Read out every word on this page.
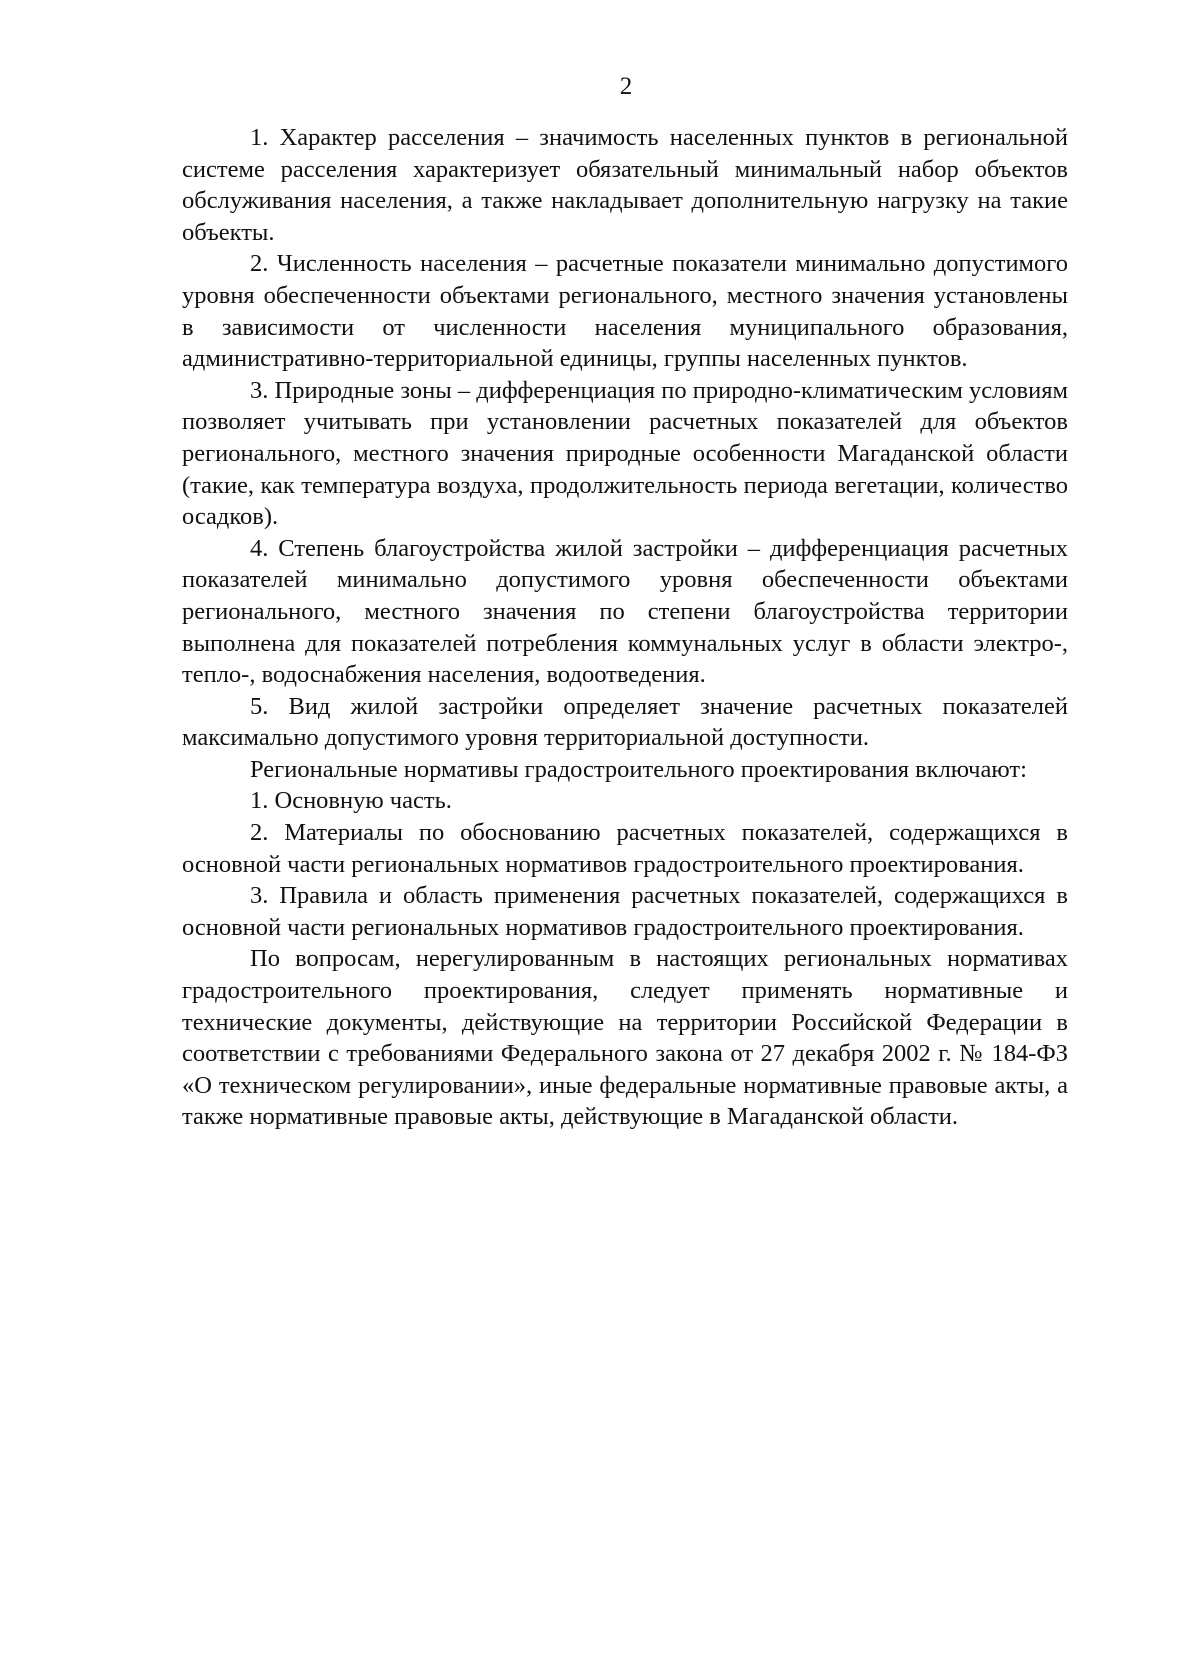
2

1. Характер расселения – значимость населенных пунктов в региональной системе расселения характеризует обязательный минимальный набор объектов обслуживания населения, а также накладывает дополнительную нагрузку на такие объекты.

2. Численность населения – расчетные показатели минимально допустимого уровня обеспеченности объектами регионального, местного значения установлены в зависимости от численности населения муниципального образования, административно-территориальной единицы, группы населенных пунктов.

3. Природные зоны – дифференциация по природно-климатическим условиям позволяет учитывать при установлении расчетных показателей для объектов регионального, местного значения природные особенности Магаданской области (такие, как температура воздуха, продолжительность периода вегетации, количество осадков).

4. Степень благоустройства жилой застройки – дифференциация расчетных показателей минимально допустимого уровня обеспеченности объектами регионального, местного значения по степени благоустройства территории выполнена для показателей потребления коммунальных услуг в области электро-, тепло-, водоснабжения населения, водоотведения.

5. Вид жилой застройки определяет значение расчетных показателей максимально допустимого уровня территориальной доступности.

Региональные нормативы градостроительного проектирования включают:

1. Основную часть.

2. Материалы по обоснованию расчетных показателей, содержащихся в основной части региональных нормативов градостроительного проектирования.

3. Правила и область применения расчетных показателей, содержащихся в основной части региональных нормативов градостроительного проектирования.

По вопросам, нерегулированным в настоящих региональных нормативах градостроительного проектирования, следует применять нормативные и технические документы, действующие на территории Российской Федерации в соответствии с требованиями Федерального закона от 27 декабря 2002 г. № 184-ФЗ «О техническом регулировании», иные федеральные нормативные правовые акты, а также нормативные правовые акты, действующие в Магаданской области.
